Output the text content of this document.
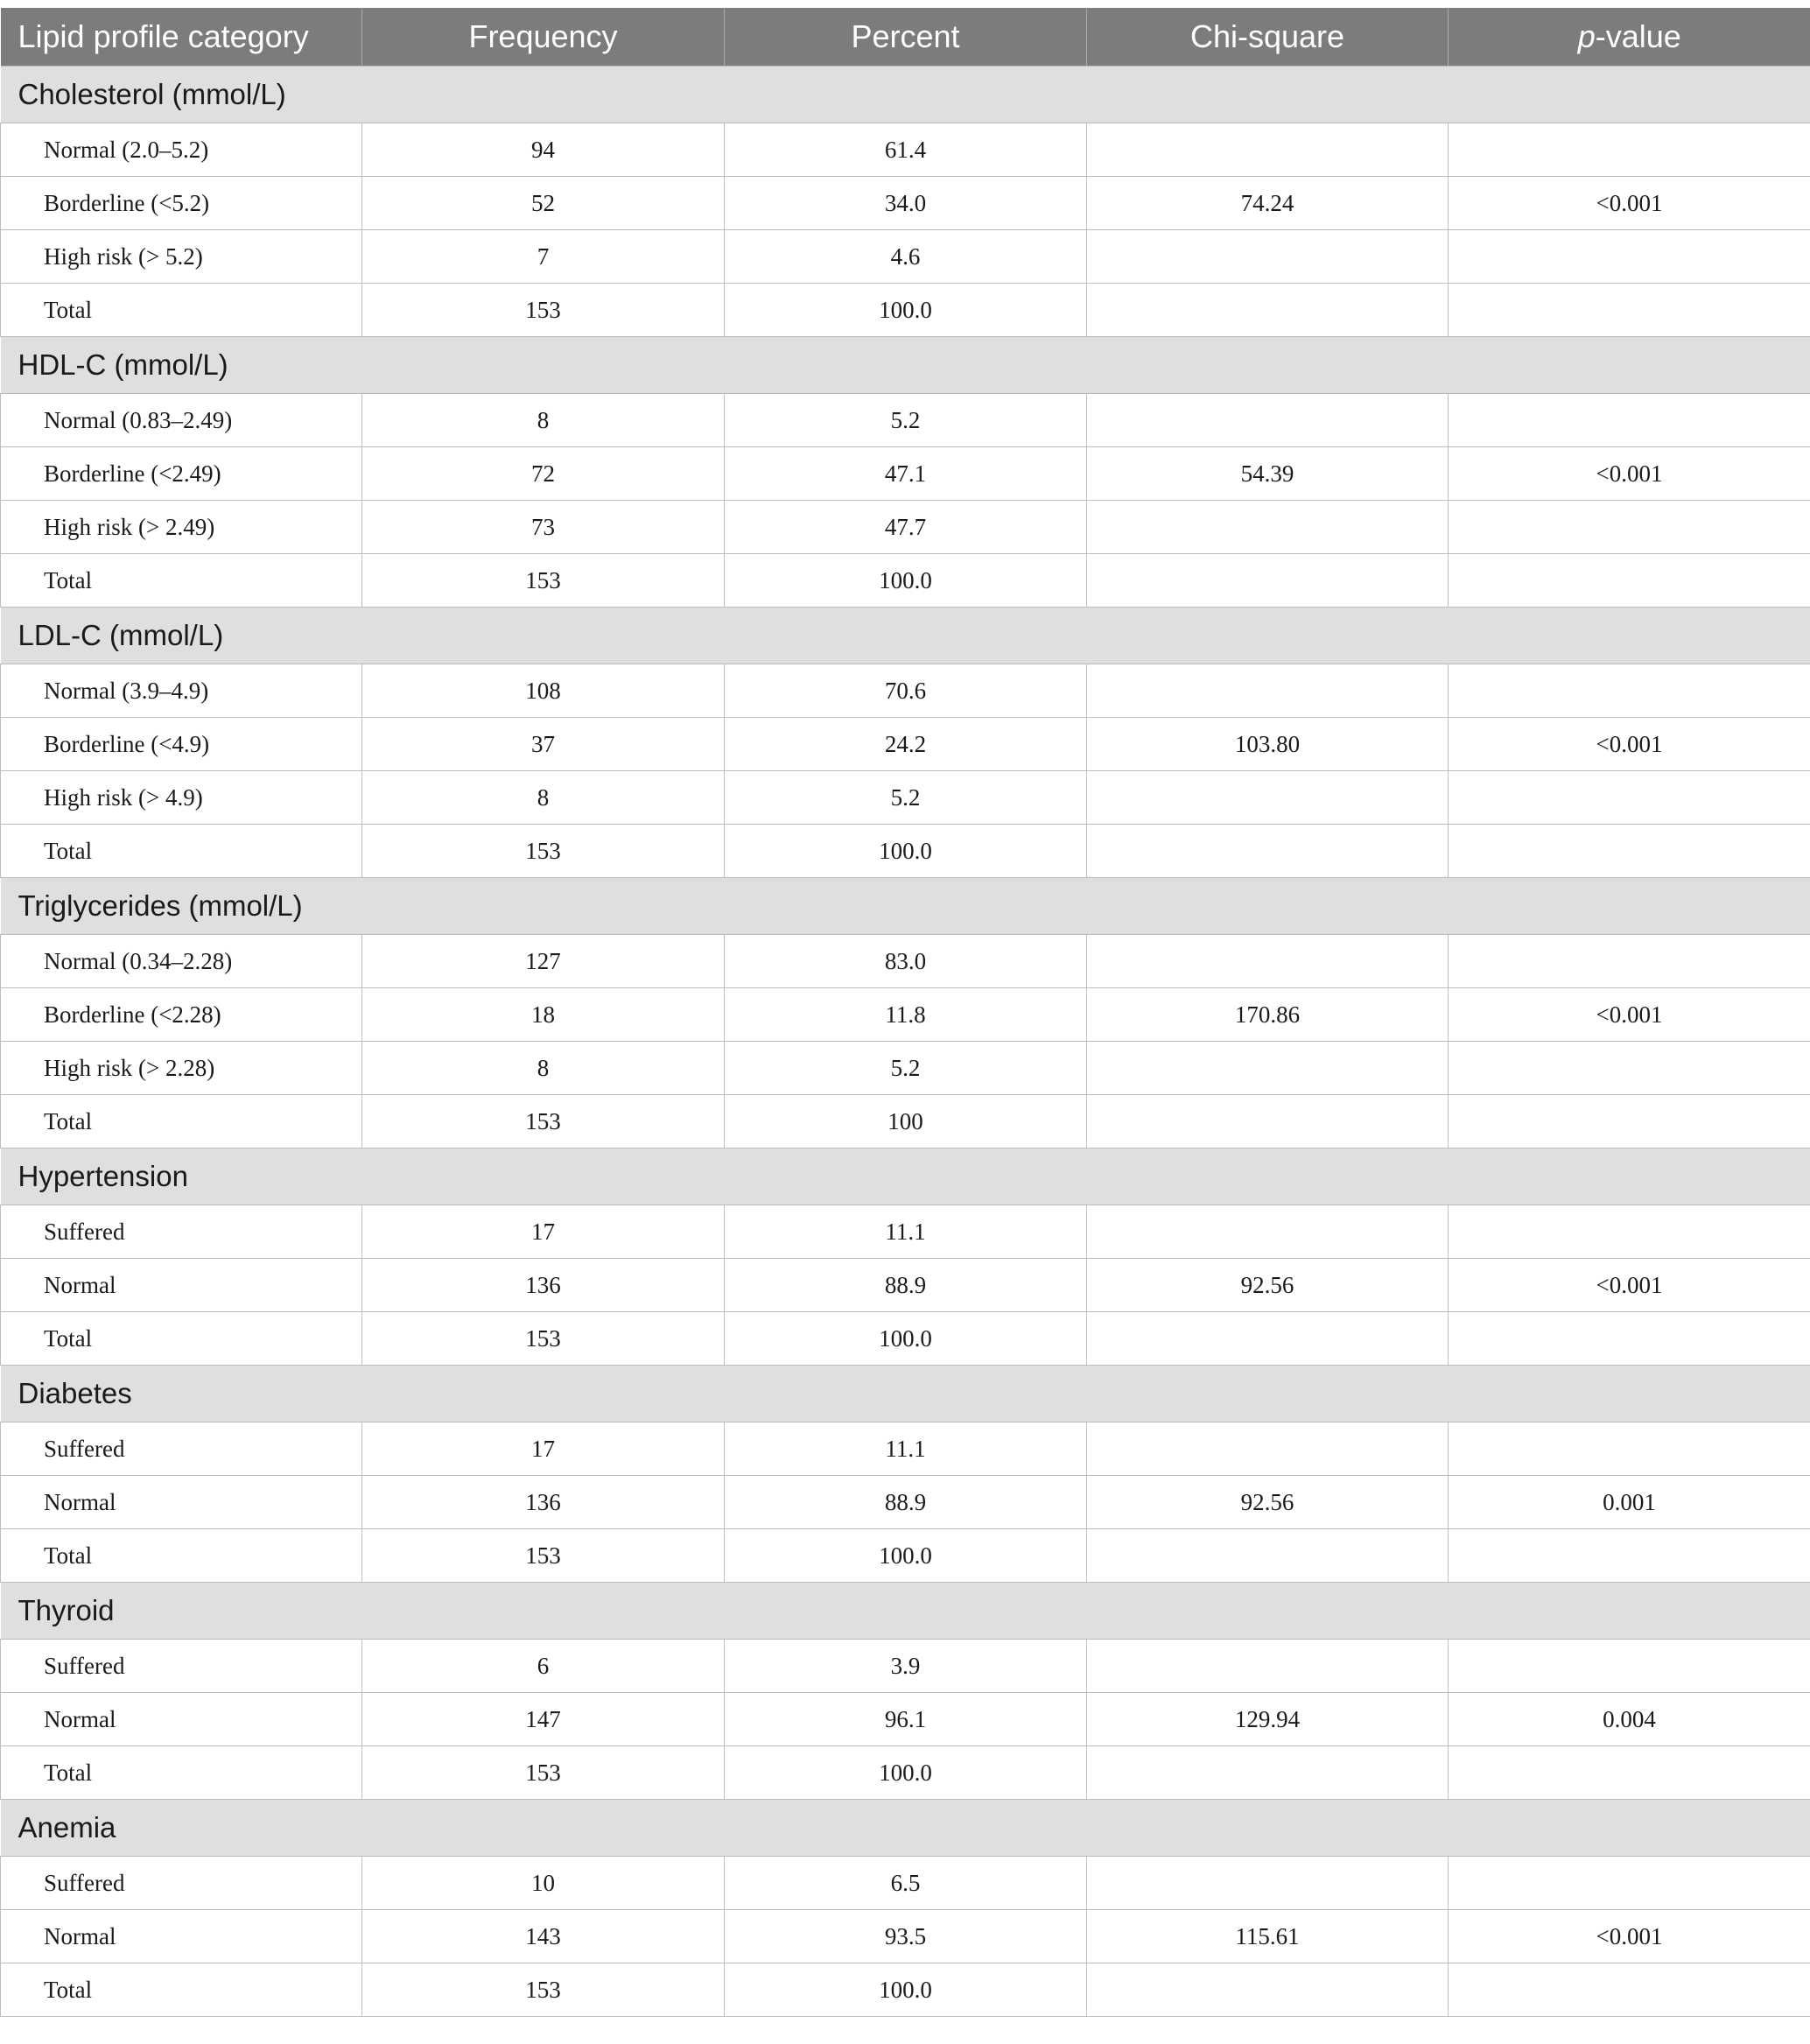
Lipid profile category	Frequency	Percent	Chi-square	p-value
Cholesterol (mmol/L)				
Normal (2.0–5.2)	94	61.4		
Borderline (<5.2)	52	34.0	74.24	<0.001
High risk (> 5.2)	7	4.6		
Total	153	100.0		
HDL-C (mmol/L)				
Normal (0.83–2.49)	8	5.2		
Borderline (<2.49)	72	47.1	54.39	<0.001
High risk (> 2.49)	73	47.7		
Total	153	100.0		
LDL-C (mmol/L)				
Normal (3.9–4.9)	108	70.6		
Borderline (<4.9)	37	24.2	103.80	<0.001
High risk (> 4.9)	8	5.2		
Total	153	100.0		
Triglycerides (mmol/L)				
Normal (0.34–2.28)	127	83.0		
Borderline (<2.28)	18	11.8	170.86	<0.001
High risk (> 2.28)	8	5.2		
Total	153	100		
Hypertension				
Suffered	17	11.1		
Normal	136	88.9	92.56	<0.001
Total	153	100.0		
Diabetes				
Suffered	17	11.1		
Normal	136	88.9	92.56	0.001
Total	153	100.0		
Thyroid				
Suffered	6	3.9		
Normal	147	96.1	129.94	0.004
Total	153	100.0		
Anemia				
Suffered	10	6.5		
Normal	143	93.5	115.61	<0.001
Total	153	100.0		
